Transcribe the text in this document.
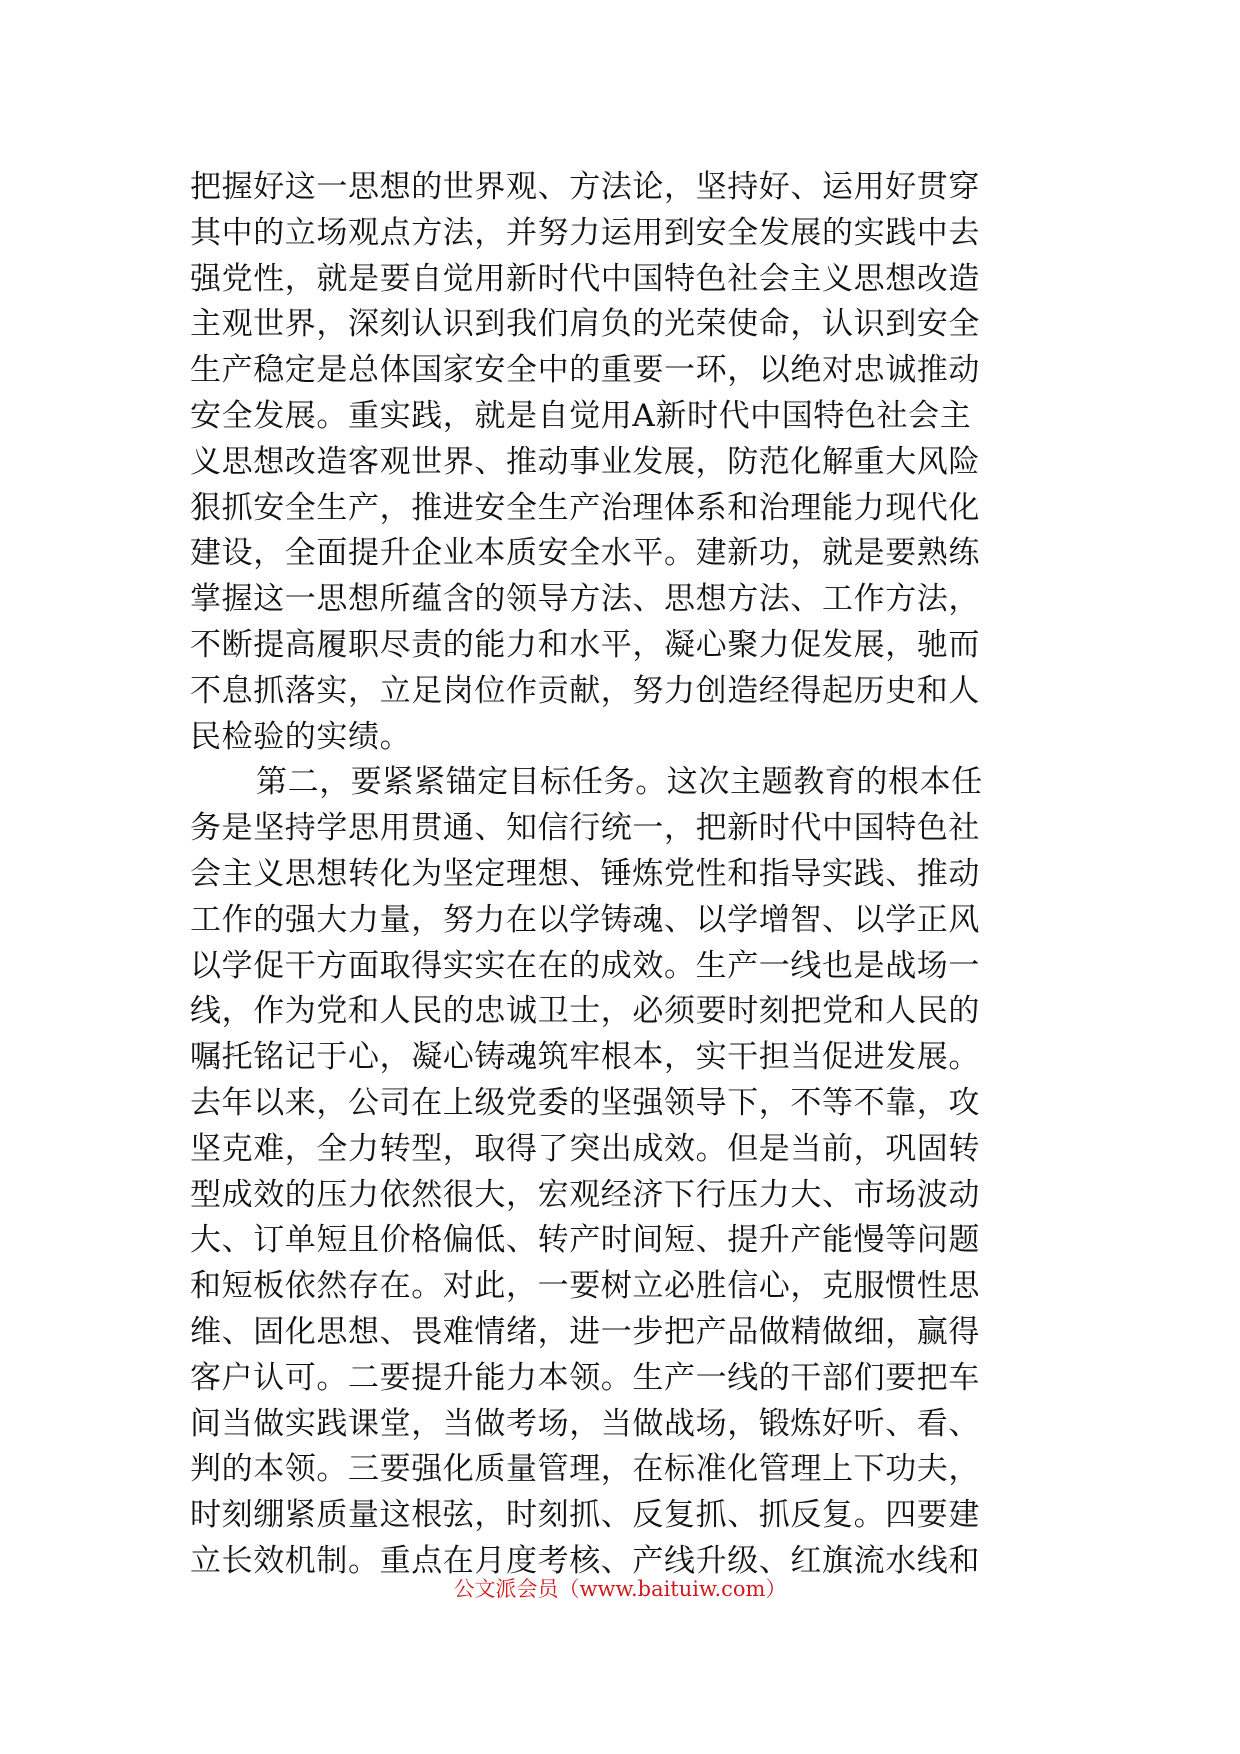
把握好这一思想的世界观、方法论，坚持好、运用好贯穿
其中的立场观点方法，并努力运用到安全发展的实践中去
强党性，就是要自觉用新时代中国特色社会主义思想改造
主观世界，深刻认识到我们肩负的光荣使命，认识到安全
生产稳定是总体国家安全中的重要一环，以绝对忠诚推动
安全发展。重实践，就是自觉用A新时代中国特色社会主
义思想改造客观世界、推动事业发展，防范化解重大风险
狠抓安全生产，推进安全生产治理体系和治理能力现代化
建设，全面提升企业本质安全水平。建新功，就是要熟练
掌握这一思想所蕴含的领导方法、思想方法、工作方法，
不断提高履职尽责的能力和水平，凝心聚力促发展，驰而
不息抓落实，立足岗位作贡献，努力创造经得起历史和人
民检验的实绩。
第二，要紧紧锚定目标任务。这次主题教育的根本任
务是坚持学思用贯通、知信行统一，把新时代中国特色社
会主义思想转化为坚定理想、锤炼党性和指导实践、推动
工作的强大力量，努力在以学铸魂、以学增智、以学正风
以学促干方面取得实实在在的成效。生产一线也是战场一
线，作为党和人民的忠诚卫士，必须要时刻把党和人民的
嘱托铭记于心，凝心铸魂筑牢根本，实干担当促进发展。
去年以来，公司在上级党委的坚强领导下，不等不靠，攻
坚克难，全力转型，取得了突出成效。但是当前，巩固转
型成效的压力依然很大，宏观经济下行压力大、市场波动
大、订单短且价格偏低、转产时间短、提升产能慢等问题
和短板依然存在。对此，一要树立必胜信心，克服惯性思
维、固化思想、畏难情绪，进一步把产品做精做细，赢得
客户认可。二要提升能力本领。生产一线的干部们要把车
间当做实践课堂，当做考场，当做战场，锻炼好听、看、
判的本领。三要强化质量管理，在标准化管理上下功夫，
时刻绷紧质量这根弦，时刻抓、反复抓、抓反复。四要建
立长效机制。重点在月度考核、产线升级、红旗流水线和
公文派会员（www.baituiw.com）
